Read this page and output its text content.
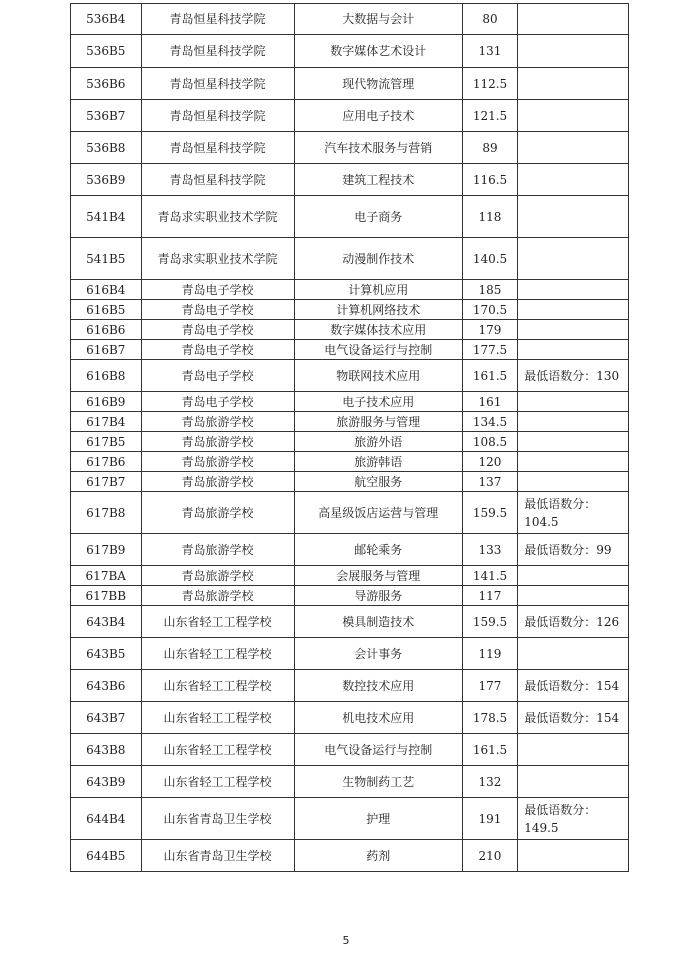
536B4	青岛恒星科技学院	大数据与会计	80	
536B5	青岛恒星科技学院	数字媒体艺术设计	131	
536B6	青岛恒星科技学院	现代物流管理	112.5	
536B7	青岛恒星科技学院	应用电子技术	121.5	
536B8	青岛恒星科技学院	汽车技术服务与营销	89	
536B9	青岛恒星科技学院	建筑工程技术	116.5	
541B4	青岛求实职业技术学院	电子商务	118	
541B5	青岛求实职业技术学院	动漫制作技术	140.5	
616B4	青岛电子学校	计算机应用	185	
616B5	青岛电子学校	计算机网络技术	170.5	
616B6	青岛电子学校	数字媒体技术应用	179	
616B7	青岛电子学校	电气设备运行与控制	177.5	
616B8	青岛电子学校	物联网技术应用	161.5	最低语数分：130
616B9	青岛电子学校	电子技术应用	161	
617B4	青岛旅游学校	旅游服务与管理	134.5	
617B5	青岛旅游学校	旅游外语	108.5	
617B6	青岛旅游学校	旅游韩语	120	
617B7	青岛旅游学校	航空服务	137	
617B8	青岛旅游学校	高星级饭店运营与管理	159.5	最低语数分：104.5
617B9	青岛旅游学校	邮轮乘务	133	最低语数分：99
617BA	青岛旅游学校	会展服务与管理	141.5	
617BB	青岛旅游学校	导游服务	117	
643B4	山东省轻工工程学校	模具制造技术	159.5	最低语数分：126
643B5	山东省轻工工程学校	会计事务	119	
643B6	山东省轻工工程学校	数控技术应用	177	最低语数分：154
643B7	山东省轻工工程学校	机电技术应用	178.5	最低语数分：154
643B8	山东省轻工工程学校	电气设备运行与控制	161.5	
643B9	山东省轻工工程学校	生物制药工艺	132	
644B4	山东省青岛卫生学校	护理	191	最低语数分：149.5
644B5	山东省青岛卫生学校	药剂	210	
5
